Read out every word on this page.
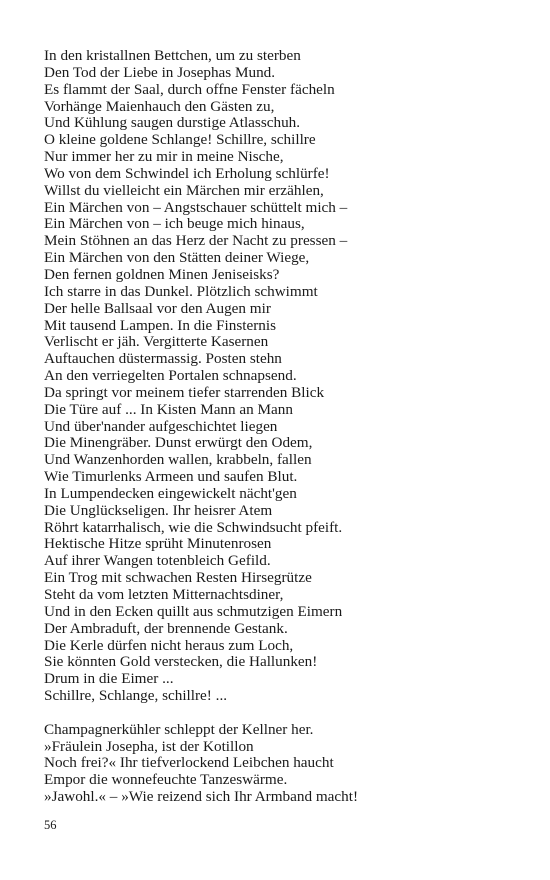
In den kristallnen Bettchen, um zu sterben
Den Tod der Liebe in Josephas Mund.
Es flammt der Saal, durch offne Fenster fächeln
Vorhänge Maienhauch den Gästen zu,
Und Kühlung saugen durstige Atlasschuh.
O kleine goldene Schlange! Schillre, schillre
Nur immer her zu mir in meine Nische,
Wo von dem Schwindel ich Erholung schlürfe!
Willst du vielleicht ein Märchen mir erzählen,
Ein Märchen von – Angstschauer schüttelt mich –
Ein Märchen von – ich beuge mich hinaus,
Mein Stöhnen an das Herz der Nacht zu pressen –
Ein Märchen von den Stätten deiner Wiege,
Den fernen goldnen Minen Jeniseisks?
Ich starre in das Dunkel. Plötzlich schwimmt
Der helle Ballsaal vor den Augen mir
Mit tausend Lampen. In die Finsternis
Verlischt er jäh. Vergitterte Kasernen
Auftauchen düstermassig. Posten stehn
An den verriegelten Portalen schnapsend.
Da springt vor meinem tiefer starrenden Blick
Die Türe auf ... In Kisten Mann an Mann
Und über'nander aufgeschichtet liegen
Die Minengräber. Dunst erwürgt den Odem,
Und Wanzenhorden wallen, krabbeln, fallen
Wie Timurlenks Armeen und saufen Blut.
In Lumpendecken eingewickelt nächt'gen
Die Unglückseligen. Ihr heisrer Atem
Röhrt katarrhalisch, wie die Schwindsucht pfeift.
Hektische Hitze sprüht Minutenrosen
Auf ihrer Wangen totenbleich Gefild.
Ein Trog mit schwachen Resten Hirsegrütze
Steht da vom letzten Mitternachtsdiner,
Und in den Ecken quillt aus schmutzigen Eimern
Der Ambraduft, der brennende Gestank.
Die Kerle dürfen nicht heraus zum Loch,
Sie könnten Gold verstecken, die Hallunken!
Drum in die Eimer ...
Schillre, Schlange, schillre! ...
Champagnerkühler schleppt der Kellner her.
»Fräulein Josepha, ist der Kotillon
Noch frei?« Ihr tiefverlockend Leibchen haucht
Empor die wonnefeuchte Tanzeswärme.
»Jawohl.« – »Wie reizend sich Ihr Armband macht!
56
